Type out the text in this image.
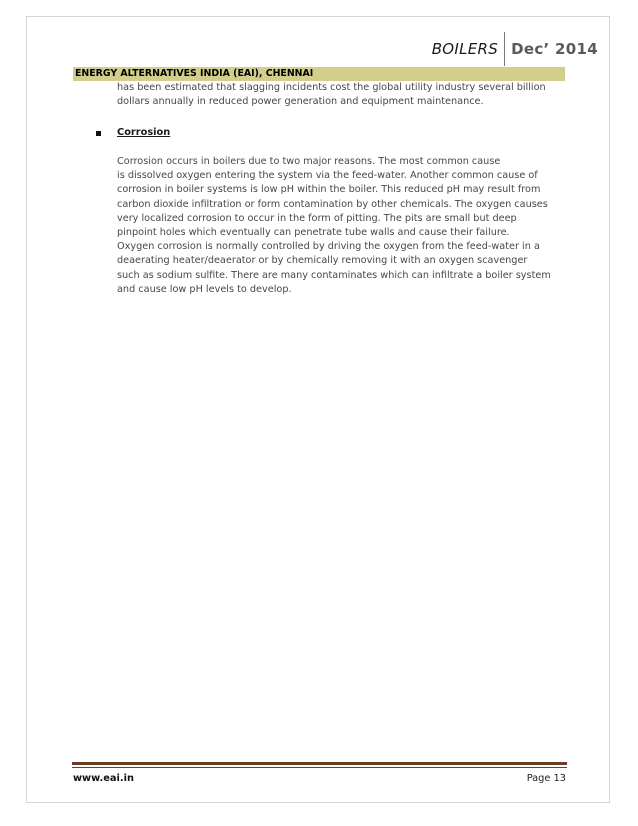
BOILERS Dec’ 2014
ENERGY ALTERNATIVES INDIA (EAI), CHENNAI
has been estimated that slagging incidents cost the global utility industry several billion
dollars annually in reduced power generation and equipment maintenance.
Corrosion

Corrosion occurs in boilers due to two major reasons. The most common cause

is dissolved oxygen entering the system via the feed-water. Another common cause of

corrosion in boiler systems is low pH within the boiler. This reduced pH may result from

carbon dioxide infiltration or form contamination by other chemicals. The oxygen causes

very localized corrosion to occur in the form of pitting. The pits are small but deep

pinpoint holes which eventually can penetrate tube walls and cause their failure.

Oxygen corrosion is normally controlled by driving the oxygen from the feed-water in a

deaerating heater/deaerator or by chemically removing it with an oxygen scavenger

such as sodium sulfite. There are many contaminates which can infiltrate a boiler system

and cause low pH levels to develop.

www.eai.in	Page 13
